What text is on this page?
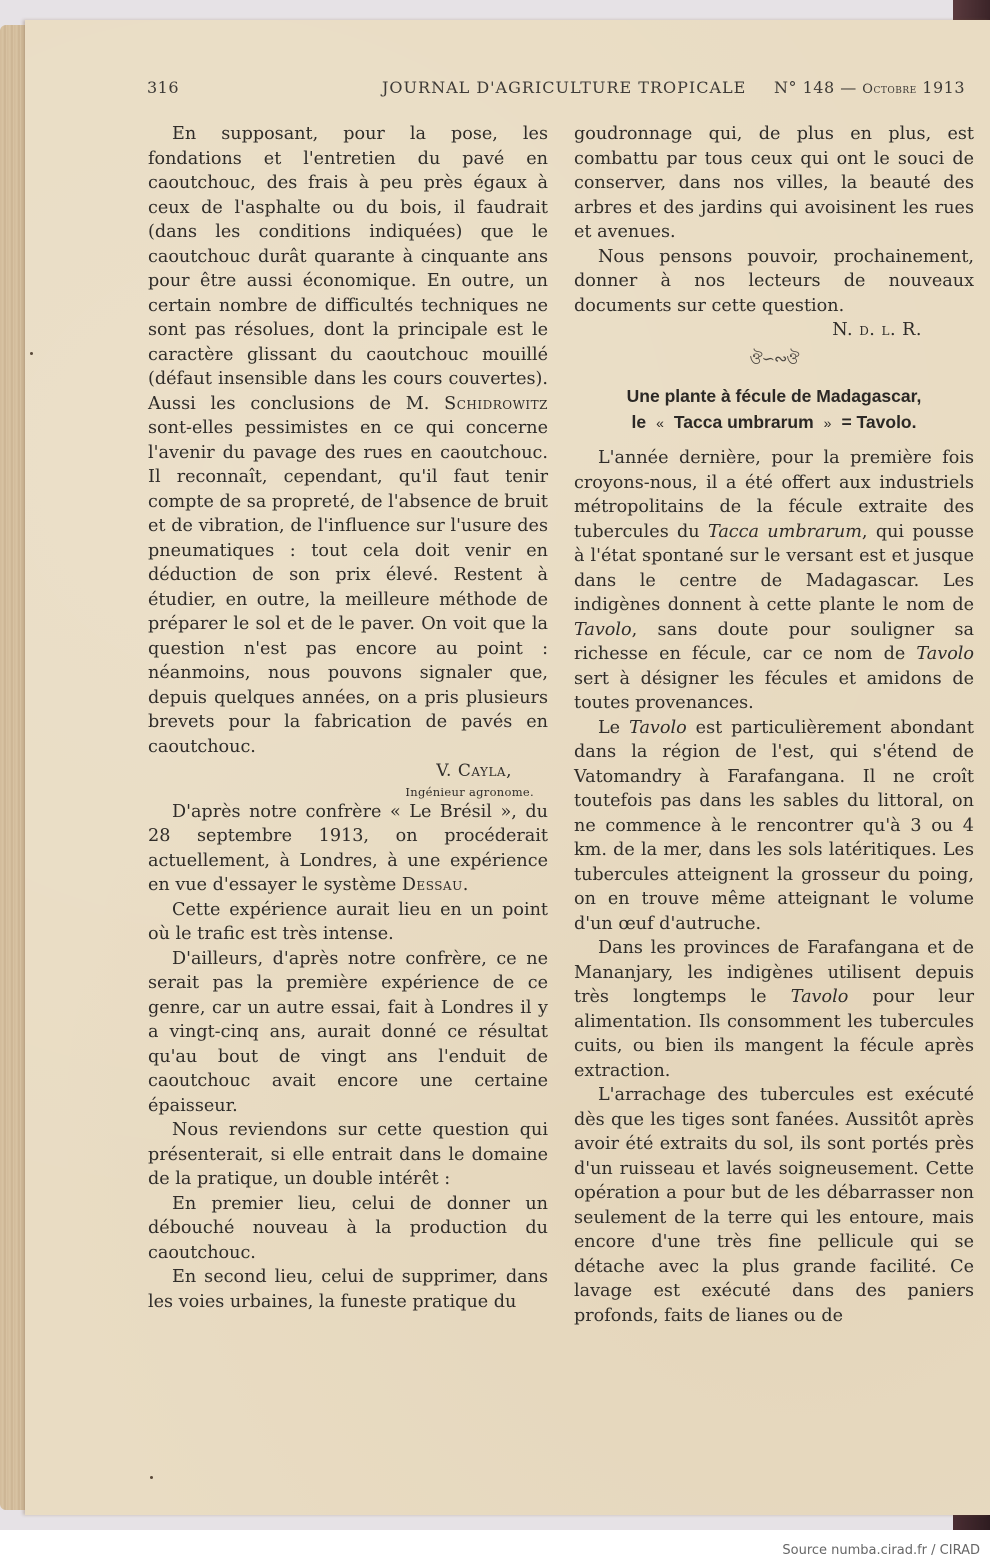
316	JOURNAL D'AGRICULTURE TROPICALE N° 148 — Octobre 1913

En supposant, pour la pose, les fondations et l'entretien du pavé en caoutchouc, des frais à peu près égaux à ceux de l'asphalte ou du bois, il faudrait (dans les conditions indiquées) que le caoutchouc durât quarante à cinquante ans pour être aussi économique. En outre, un certain nombre de difficultés techniques ne sont pas résolues, dont la principale est le caractère glissant du caoutchouc mouillé (défaut insensible dans les cours couvertes). Aussi les conclusions de M. Schidrowitz sont-elles pessimistes en ce qui concerne l'avenir du pavage des rues en caoutchouc. Il reconnaît, cependant, qu'il faut tenir compte de sa propreté, de l'absence de bruit et de vibration, de l'influence sur l'usure des pneumatiques : tout cela doit venir en déduction de son prix élevé. Restent à étudier, en outre, la meilleure méthode de préparer le sol et de le paver. On voit que la question n'est pas encore au point : néanmoins, nous pouvons signaler que, depuis quelques années, on a pris plusieurs brevets pour la fabrication de pavés en caoutchouc.

V. Cayla,

Ingénieur agronome.

D'après notre confrère « Le Brésil », du 28 septembre 1913, on procéderait actuellement, à Londres, à une expérience en vue d'essayer le système Dessau.

Cette expérience aurait lieu en un point où le trafic est très intense.

D'ailleurs, d'après notre confrère, ce ne serait pas la première expérience de ce genre, car un autre essai, fait à Londres il y a vingt-cinq ans, aurait donné ce résultat qu'au bout de vingt ans l'enduit de caoutchouc avait encore une certaine épaisseur.

Nous reviendons sur cette question qui présenterait, si elle entrait dans le domaine de la pratique, un double intérêt :

En premier lieu, celui de donner un débouché nouveau à la production du caoutchouc.

En second lieu, celui de supprimer, dans les voies urbaines, la funeste pratique du

goudronnage qui, de plus en plus, est combattu par tous ceux qui ont le souci de conserver, dans nos villes, la beauté des arbres et des jardins qui avoisinent les rues et avenues.

Nous pensons pouvoir, prochainement, donner à nos lecteurs de nouveaux documents sur cette question.

N. d. l. R.

ঔ∽∾ঔ
Une plante à fécule de Madagascar,
le « Tacca umbrarum » = Tavolo.

L'année dernière, pour la première fois croyons-nous, il a été offert aux industriels métropolitains de la fécule extraite des tubercules du Tacca umbrarum, qui pousse à l'état spontané sur le versant est et jusque dans le centre de Madagascar. Les indigènes donnent à cette plante le nom de Tavolo, sans doute pour souligner sa richesse en fécule, car ce nom de Tavolo sert à désigner les fécules et amidons de toutes provenances.

Le Tavolo est particulièrement abondant dans la région de l'est, qui s'étend de Vatomandry à Farafangana. Il ne croît toutefois pas dans les sables du littoral, on ne commence à le rencontrer qu'à 3 ou 4 km. de la mer, dans les sols latéritiques. Les tubercules atteignent la grosseur du poing, on en trouve même atteignant le volume d'un œuf d'autruche.

Dans les provinces de Farafangana et de Mananjary, les indigènes utilisent depuis très longtemps le Tavolo pour leur alimentation. Ils consomment les tubercules cuits, ou bien ils mangent la fécule après extraction.

L'arrachage des tubercules est exécuté dès que les tiges sont fanées. Aussitôt après avoir été extraits du sol, ils sont portés près d'un ruisseau et lavés soigneusement. Cette opération a pour but de les débarrasser non seulement de la terre qui les entoure, mais encore d'une très fine pellicule qui se détache avec la plus grande facilité. Ce lavage est exécuté dans des paniers profonds, faits de lianes ou de

Source numba.cirad.fr / CIRAD
